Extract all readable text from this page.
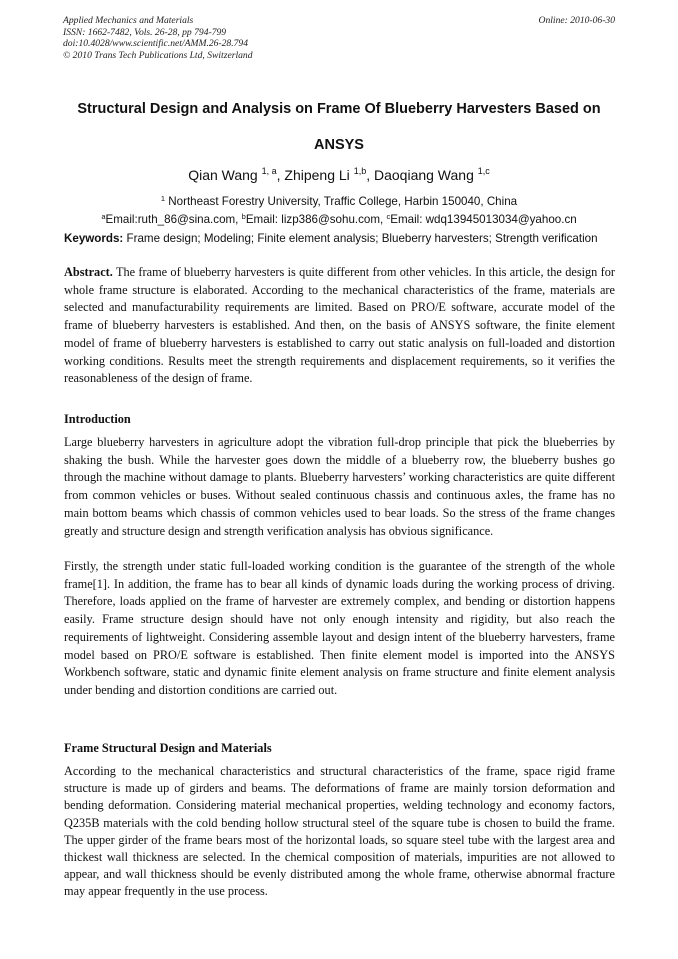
Applied Mechanics and Materials
ISSN: 1662-7482, Vols. 26-28, pp 794-799
doi:10.4028/www.scientific.net/AMM.26-28.794
© 2010 Trans Tech Publications Ltd, Switzerland
Online: 2010-06-30
Structural Design and Analysis on Frame Of Blueberry Harvesters Based on ANSYS
Qian Wang $^{1, a}$, Zhipeng Li $^{1,b}$, Daoqiang Wang $^{1,c}$
$^1$ Northeast Forestry University, Traffic College, Harbin 150040, China
$^a$Email:ruth_86@sina.com, $^b$Email: lizp386@sohu.com, $^c$Email: wdq13945013034@yahoo.cn
Keywords: Frame design; Modeling; Finite element analysis; Blueberry harvesters; Strength verification
Abstract. The frame of blueberry harvesters is quite different from other vehicles. In this article, the design for whole frame structure is elaborated. According to the mechanical characteristics of the frame, materials are selected and manufacturability requirements are limited. Based on PRO/E software, accurate model of the frame of blueberry harvesters is established. And then, on the basis of ANSYS software, the finite element model of frame of blueberry harvesters is established to carry out static analysis on full-loaded and distortion working conditions. Results meet the strength requirements and displacement requirements, so it verifies the reasonableness of the design of frame.
Introduction
Large blueberry harvesters in agriculture adopt the vibration full-drop principle that pick the blueberries by shaking the bush. While the harvester goes down the middle of a blueberry row, the blueberry bushes go through the machine without damage to plants. Blueberry harvesters’ working characteristics are quite different from common vehicles or buses. Without sealed continuous chassis and continuous axles, the frame has no main bottom beams which chassis of common vehicles used to bear loads. So the stress of the frame changes greatly and structure design and strength verification analysis has obvious significance.
Firstly, the strength under static full-loaded working condition is the guarantee of the strength of the whole frame[1]. In addition, the frame has to bear all kinds of dynamic loads during the working process of driving. Therefore, loads applied on the frame of harvester are extremely complex, and bending or distortion happens easily. Frame structure design should have not only enough intensity and rigidity, but also reach the requirements of lightweight. Considering assemble layout and design intent of the blueberry harvesters, frame model based on PRO/E software is established. Then finite element model is imported into the ANSYS Workbench software, static and dynamic finite element analysis on frame structure and finite element analysis under bending and distortion conditions are carried out.
Frame Structural Design and Materials
According to the mechanical characteristics and structural characteristics of the frame, space rigid frame structure is made up of girders and beams. The deformations of frame are mainly torsion deformation and bending deformation. Considering material mechanical properties, welding technology and economy factors, Q235B materials with the cold bending hollow structural steel of the square tube is chosen to build the frame. The upper girder of the frame bears most of the horizontal loads, so square steel tube with the largest area and thickest wall thickness are selected. In the chemical composition of materials, impurities are not allowed to appear, and wall thickness should be evenly distributed among the whole frame, otherwise abnormal fracture may appear frequently in the use process.
